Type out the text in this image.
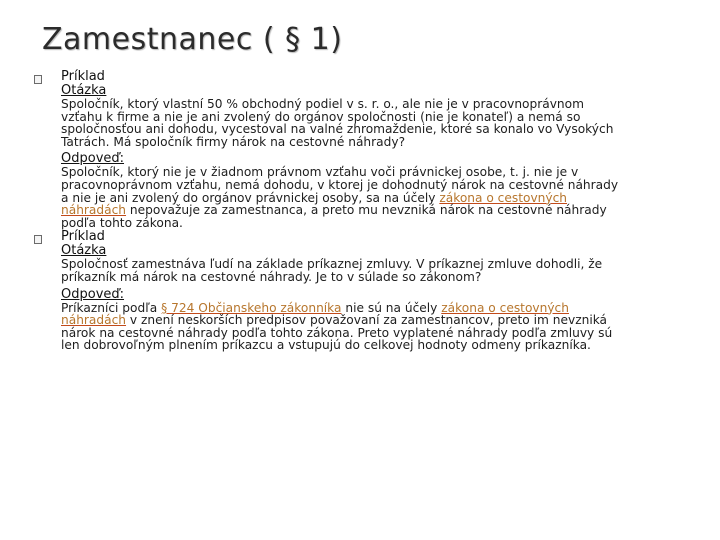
Zamestnanec ( § 1)
Príklad
Otázka
Spoločník, ktorý vlastní 50 % obchodný podiel v s. r. o., ale nie je v pracovnoprávnom
vzťahu k firme a nie je ani zvolený do orgánov spoločnosti (nie je konateľ) a nemá so
spoločnosťou ani dohodu, vycestoval na valné zhromaždenie, ktoré sa konalo vo Vysokých
Tatrách. Má spoločník firmy nárok na cestovné náhrady?
Odpoveď:
Spoločník, ktorý nie je v žiadnom právnom vzťahu voči právnickej osobe, t. j. nie je v
pracovnoprávnom vzťahu, nemá dohodu, v ktorej je dohodnutý nárok na cestovné náhrady
a nie je ani zvolený do orgánov právnickej osoby, sa na účely zákona o cestovných
náhradách nepovažuje za zamestnanca, a preto mu nevzniká nárok na cestovné náhrady
podľa tohto zákona.
Príklad
Otázka
Spoločnosť zamestnáva ľudí na základe príkaznej zmluvy. V príkaznej zmluve dohodli, že
príkazník má nárok na cestovné náhrady. Je to v súlade so zákonom?
Odpoveď:
Príkazníci podľa § 724 Občianskeho zákonníka nie sú na účely zákona o cestovných
náhradách v znení neskorších predpisov považovaní za zamestnancov, preto im nevzniká
nárok na cestovné náhrady podľa tohto zákona. Preto vyplatené náhrady podľa zmluvy sú
len dobrovoľným plnením príkazcu a vstupujú do celkovej hodnoty odmeny príkazníka.
